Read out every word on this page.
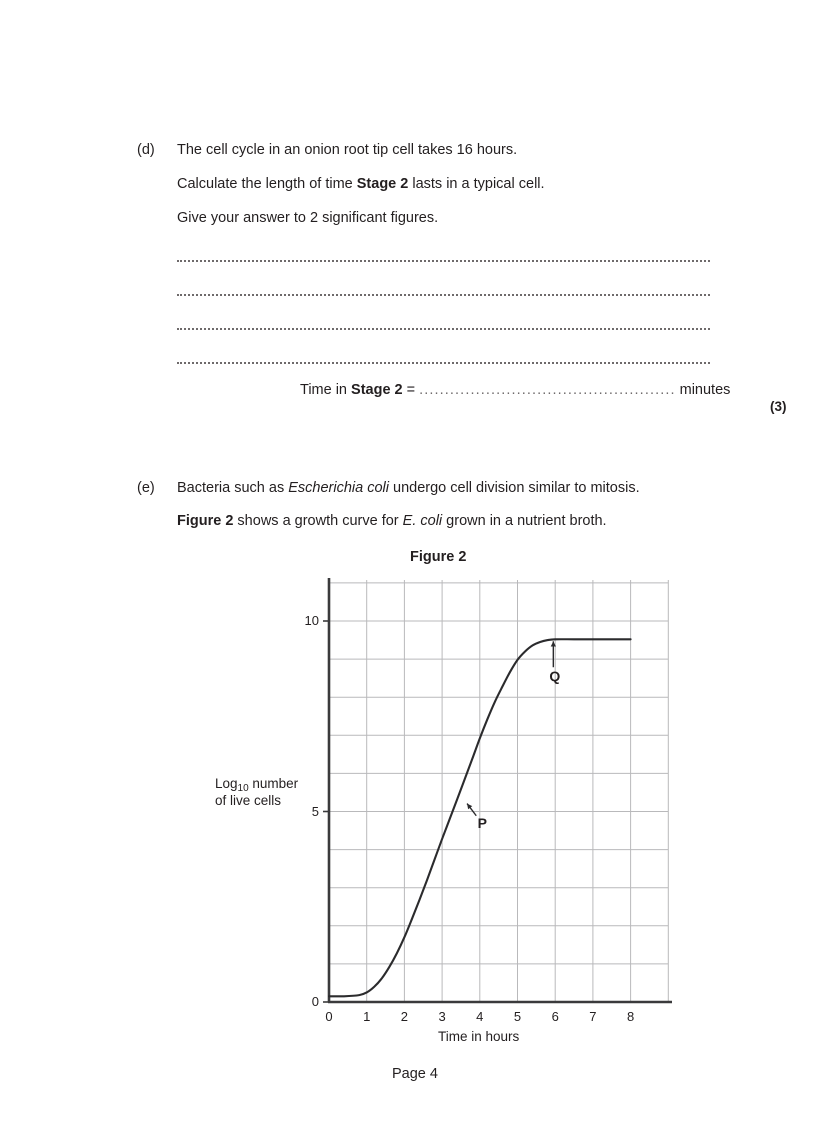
(d) The cell cycle in an onion root tip cell takes 16 hours.
Calculate the length of time Stage 2 lasts in a typical cell.
Give your answer to 2 significant figures.
Time in Stage 2 = .................................................. minutes
(3)
(e) Bacteria such as Escherichia coli undergo cell division similar to mitosis.
Figure 2 shows a growth curve for E. coli grown in a nutrient broth.
Figure 2
Log$_{10}$ number
of live cells
Time in hours
0	1	2	3	4	5	6	7	8
0
5
10
P
Q
Page 4
